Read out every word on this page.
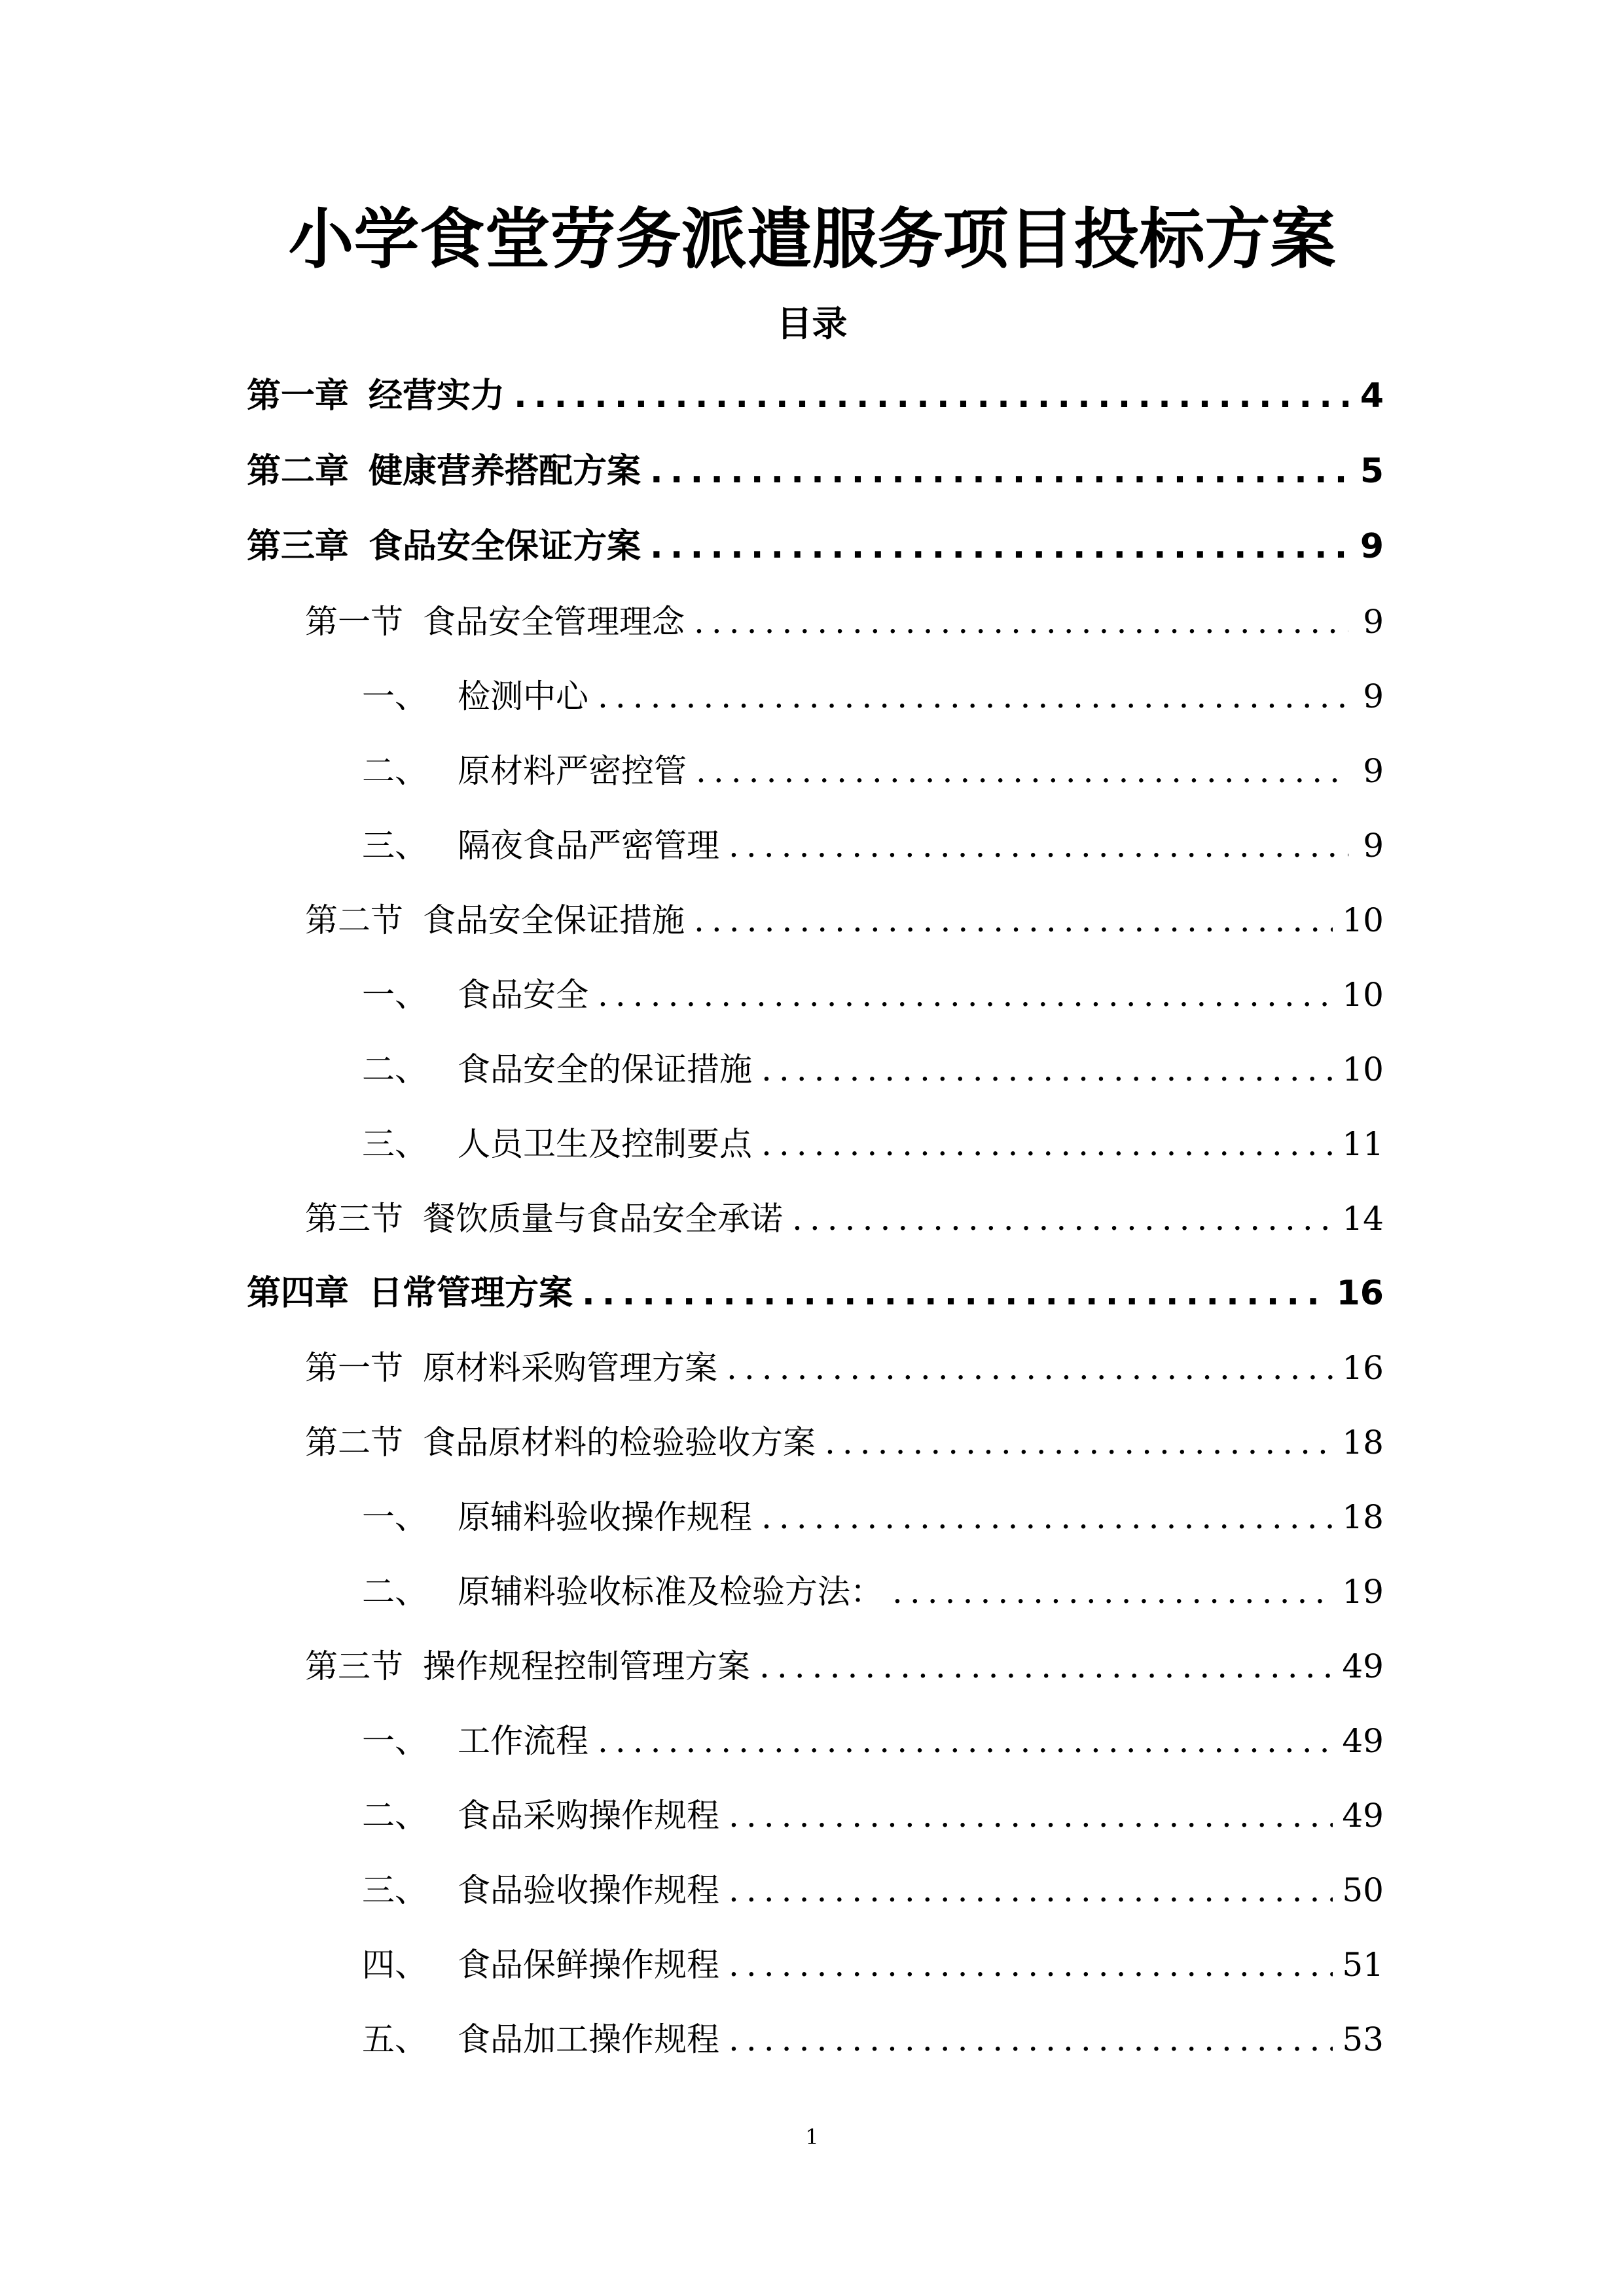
小学食堂劳务派遣服务项目投标方案
目录
第一章 经营实力 .....	4
第二章 健康营养搭配方案 .....	5
第三章 食品安全保证方案 .....	9
第一节 食品安全管理理念 .....	9
一、 检测中心 .....	9
二、 原材料严密控管 .....	9
三、 隔夜食品严密管理 .....	9
第二节 食品安全保证措施 .....	10
一、 食品安全 .....	10
二、 食品安全的保证措施 .....	10
三、 人员卫生及控制要点 .....	11
第三节 餐饮质量与食品安全承诺 .....	14
第四章 日常管理方案 .....	16
第一节 原材料采购管理方案 .....	16
第二节 食品原材料的检验验收方案 .....	18
一、 原辅料验收操作规程 .....	18
二、 原辅料验收标准及检验方法： .....	19
第三节 操作规程控制管理方案 .....	49
一、 工作流程 .....	49
二、 食品采购操作规程 .....	49
三、 食品验收操作规程 .....	50
四、 食品保鲜操作规程 .....	51
五、 食品加工操作规程 .....	53
1
